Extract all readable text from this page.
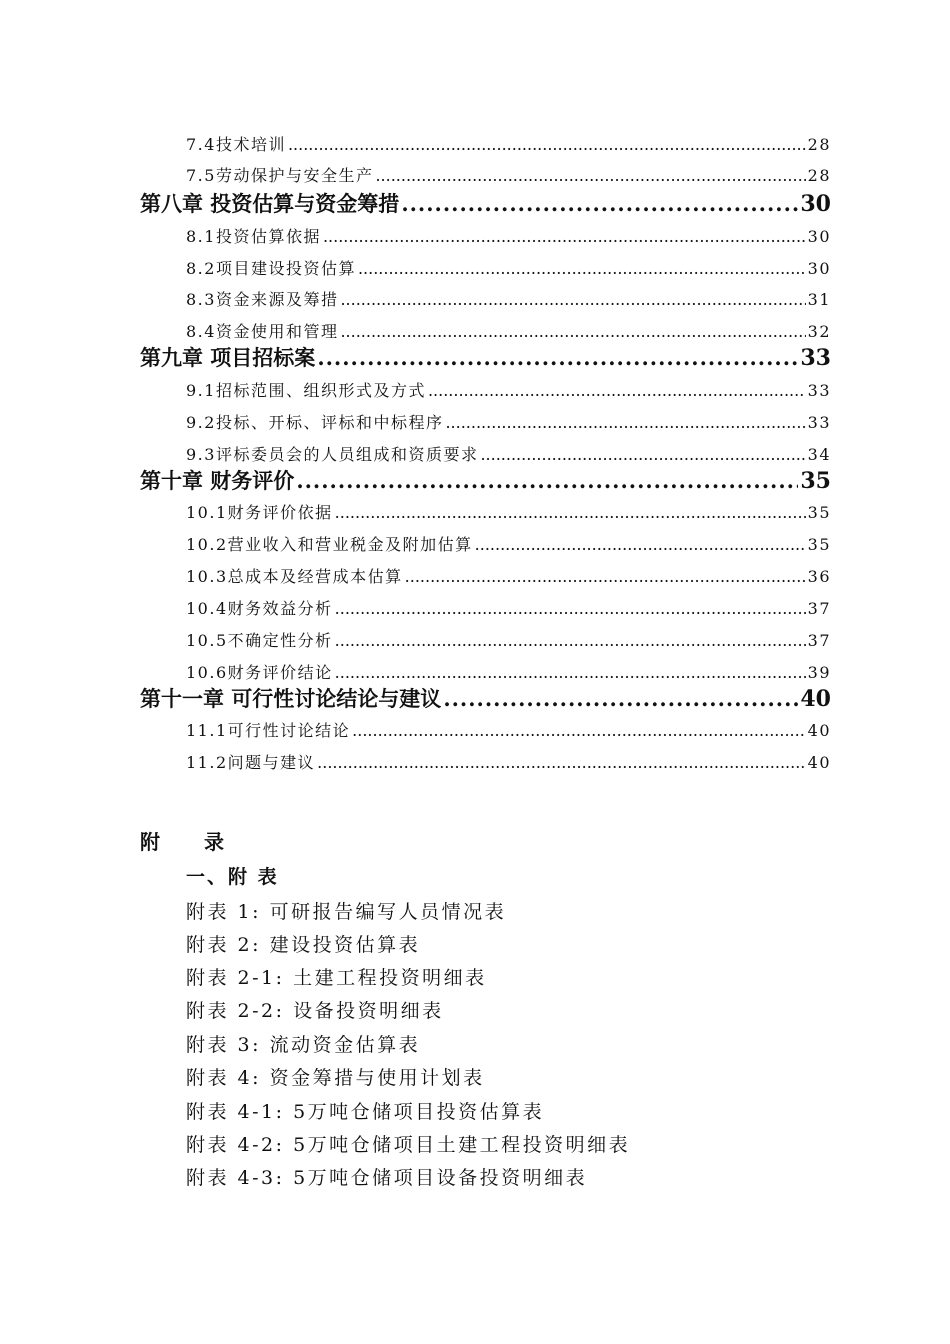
7.4技术培训 .....	28
7.5劳动保护与安全生产 .....	28
第八章 投资估算与资金筹措 .....	30
8.1投资估算依据 .....	30
8.2项目建设投资估算 .....	30
8.3资金来源及筹措 .....	31
8.4资金使用和管理 .....	32
第九章 项目招标案 .....	33
9.1招标范围、组织形式及方式 .....	33
9.2投标、开标、评标和中标程序 .....	33
9.3评标委员会的人员组成和资质要求 .....	34
第十章 财务评价 .....	35
10.1财务评价依据 .....	35
10.2营业收入和营业税金及附加估算 .....	35
10.3总成本及经营成本估算 .....	36
10.4财务效益分析 .....	37
10.5不确定性分析 .....	37
10.6财务评价结论 .....	39
第十一章 可行性讨论结论与建议 .....	40
11.1可行性讨论结论 .....	40
11.2问题与建议 .....	40
附 录
一、附 表
附表 1: 可研报告编写人员情况表
附表 2: 建设投资估算表
附表 2-1: 土建工程投资明细表
附表 2-2: 设备投资明细表
附表 3: 流动资金估算表
附表 4: 资金筹措与使用计划表
附表 4-1: 5万吨仓储项目投资估算表
附表 4-2: 5万吨仓储项目土建工程投资明细表
附表 4-3: 5万吨仓储项目设备投资明细表
